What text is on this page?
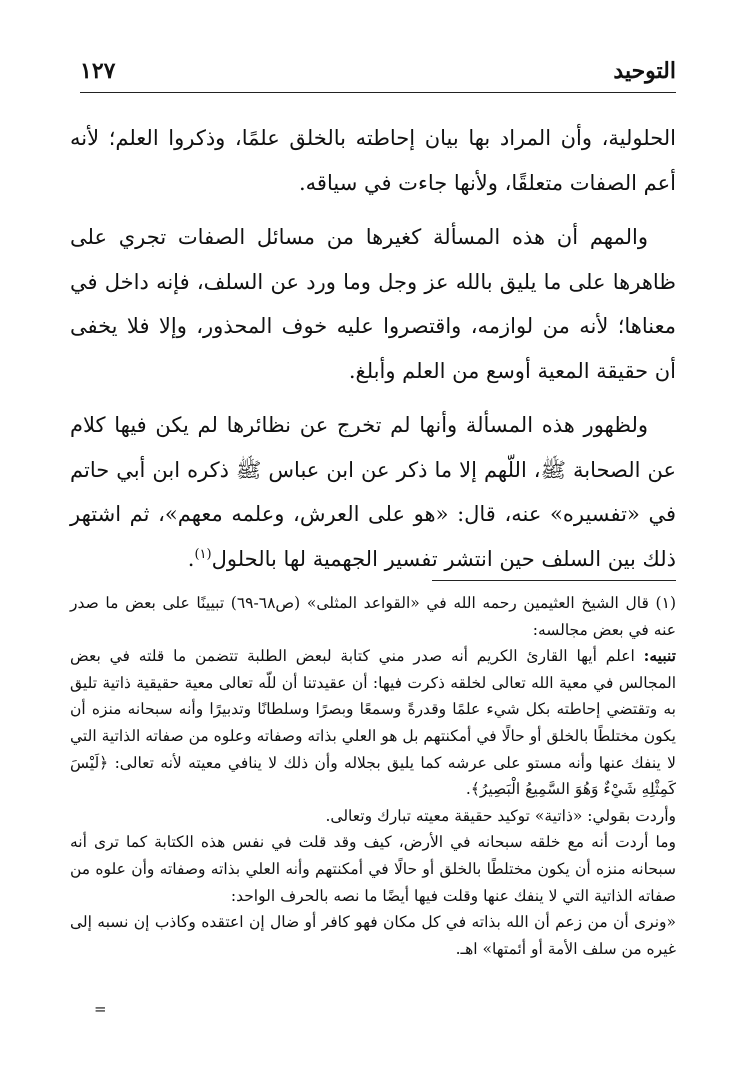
التوحيد
١٢٧

الحلولية، وأن المراد بها بيان إحاطته بالخلق علمًا، وذكروا العلم؛ لأنه أعم الصفات متعلقًا، ولأنها جاءت في سياقه.

والمهم أن هذه المسألة كغيرها من مسائل الصفات تجري على ظاهرها على ما يليق بالله عز وجل وما ورد عن السلف، فإنه داخل في معناها؛ لأنه من لوازمه، واقتصروا عليه خوف المحذور، وإلا فلا يخفى أن حقيقة المعية أوسع من العلم وأبلغ.

ولظهور هذه المسألة وأنها لم تخرج عن نظائرها لم يكن فيها كلام عن الصحابة ﷺ، اللّهم إلا ما ذكر عن ابن عباس ﷺ ذكره ابن أبي حاتم في «تفسيره» عنه، قال: «هو على العرش، وعلمه معهم»، ثم اشتهر ذلك بين السلف حين انتشر تفسير الجهمية لها بالحلول$^{(١)}$.

(١) قال الشيخ العثيمين رحمه الله في «القواعد المثلى» (ص٦٨-٦٩) تبيينًا على بعض ما صدر عنه في بعض مجالسه:

تنبيه: اعلم أيها القارئ الكريم أنه صدر مني كتابة لبعض الطلبة تتضمن ما قلته في بعض المجالس في معية الله تعالى لخلقه ذكرت فيها: أن عقيدتنا أن للّه تعالى معية حقيقية ذاتية تليق به وتقتضي إحاطته بكل شيء علمًا وقدرةً وسمعًا وبصرًا وسلطانًا وتدبيرًا وأنه سبحانه منزه أن يكون مختلطًا بالخلق أو حالًا في أمكنتهم بل هو العلي بذاته وصفاته وعلوه من صفاته الذاتية التي لا ينفك عنها وأنه مستو على عرشه كما يليق بجلاله وأن ذلك لا ينافي معيته لأنه تعالى: ﴿لَيْسَ كَمِثْلِهِ شَيْءٌ وَهُوَ السَّمِيعُ الْبَصِيرُ﴾.

وأردت بقولي: «ذاتية» توكيد حقيقة معيته تبارك وتعالى.

وما أردت أنه مع خلقه سبحانه في الأرض، كيف وقد قلت في نفس هذه الكتابة كما ترى أنه سبحانه منزه أن يكون مختلطًا بالخلق أو حالًا في أمكنتهم وأنه العلي بذاته وصفاته وأن علوه من صفاته الذاتية التي لا ينفك عنها وقلت فيها أيضًا ما نصه بالحرف الواحد:

«ونرى أن من زعم أن الله بذاته في كل مكان فهو كافر أو ضال إن اعتقده وكاذب إن نسبه إلى غيره من سلف الأمة أو أئمتها» اهـ.

=
